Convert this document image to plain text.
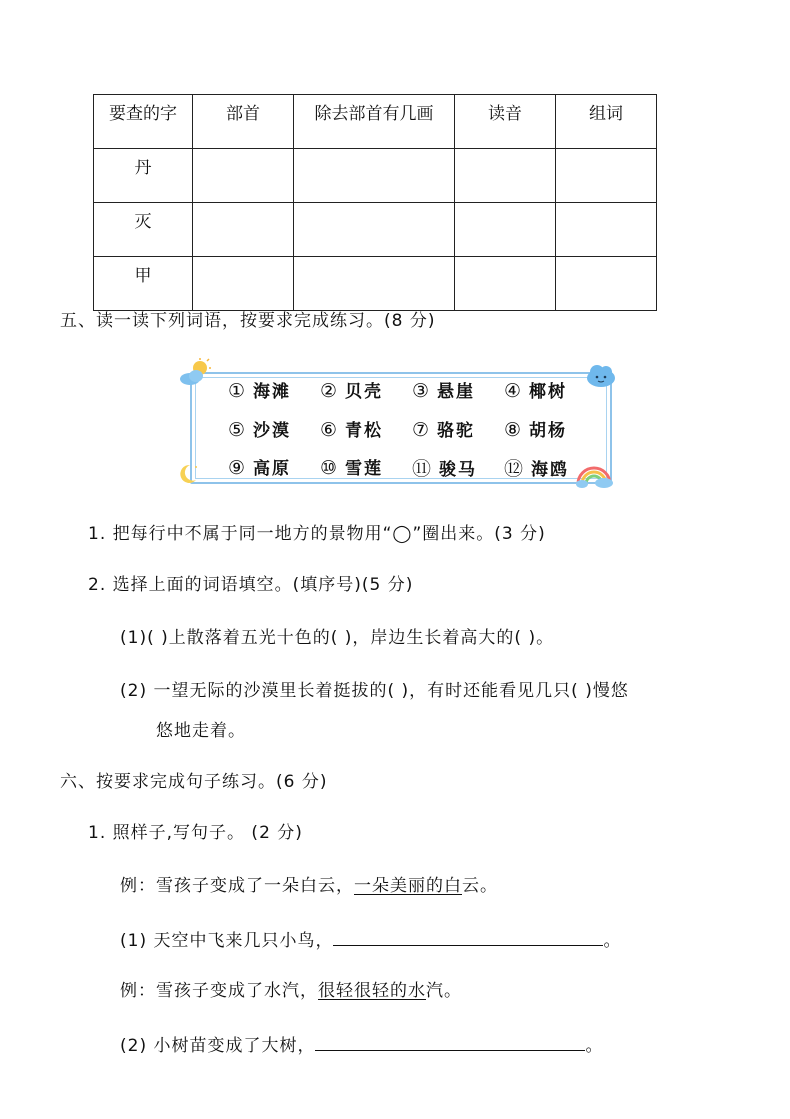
要查的字	部首	除去部首有几画	读音	组词
丹				
灭				
甲				
五、读一读下列词语，按要求完成练习。(8 分)
① 海滩 ② 贝壳 ③ 悬崖 ④ 椰树
⑤ 沙漠 ⑥ 青松 ⑦ 骆驼 ⑧ 胡杨
⑨ 高原 ⑩ 雪莲 ⑪ 骏马 ⑫ 海鸥
1. 把每行中不属于同一地方的景物用“◯”圈出来。(3 分)
2. 选择上面的词语填空。(填序号)(5 分)
(1)( )上散落着五光十色的( )，岸边生长着高大的( )。
(2) 一望无际的沙漠里长着挺拔的( )，有时还能看见几只( )慢悠
悠地走着。
六、按要求完成句子练习。(6 分)
1. 照样子,写句子。 (2 分)
例：雪孩子变成了一朵白云，一朵美丽的白云。
(1) 天空中飞来几只小鸟，	。
例：雪孩子变成了水汽，很轻很轻的水汽。
(2) 小树苗变成了大树，	。
